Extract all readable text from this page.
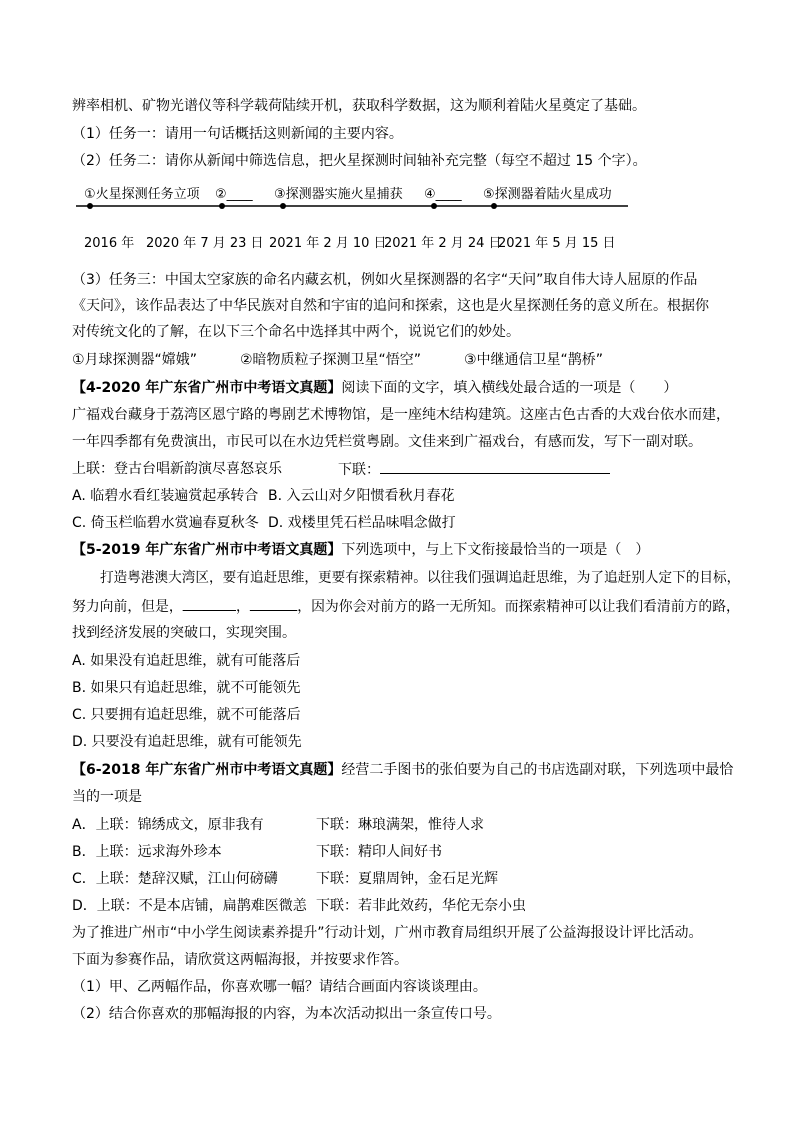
辨率相机、矿物光谱仪等科学载荷陆续开机，获取科学数据，这为顺利着陆火星奠定了基础。
（1）任务一：请用一句话概括这则新闻的主要内容。
（2）任务二：请你从新闻中筛选信息，把火星探测时间轴补充完整（每空不超过 15 个字）。
①火星探测任务立项 ②____ ③探测器实施火星捕获 ④____ ⑤探测器着陆火星成功
2016 年 2020 年 7 月 23 日 2021 年 2 月 10 日
2021 年 2 月 24 日
2021 年 5 月 15 日
（3）任务三：中国太空家族的命名内藏玄机，例如火星探测器的名字“天问”取自伟大诗人屈原的作品
《天问》，该作品表达了中华民族对自然和宇宙的追问和探索，这也是火星探测任务的意义所在。根据你
对传统文化的了解，在以下三个命名中选择其中两个，说说它们的妙处。
①月球探测器“嫦娥”	②暗物质粒子探测卫星“悟空”	③中继通信卫星“鹊桥”
【4-2020 年广东省广州市中考语文真题】阅读下面的文字，填入横线处最合适的一项是（　　）
广福戏台藏身于荔湾区恩宁路的粤剧艺术博物馆，是一座纯木结构建筑。这座古色古香的大戏台依水而建，
一年四季都有免费演出，市民可以在水边凭栏赏粤剧。文佳来到广福戏台，有感而发，写下一副对联。
上联：登古台唱新韵演尽喜怒哀乐	下联：
A. 临碧水看红装遍赏起承转合 B. 入云山对夕阳惯看秋月春花
C. 倚玉栏临碧水赏遍春夏秋冬 D. 戏楼里凭石栏品味唱念做打
【5-2019 年广东省广州市中考语文真题】下列选项中，与上下文衔接最恰当的一项是（　）
打造粤港澳大湾区，要有追赶思维，更要有探索精神。以往我们强调追赶思维，为了追赶别人定下的目标，
努力向前，但是，	，	，因为你会对前方的路一无所知。而探索精神可以让我们看清前方的路，
找到经济发展的突破口，实现突围。
A. 如果没有追赶思维，就有可能落后
B. 如果只有追赶思维，就不可能领先
C. 只要拥有追赶思维，就不可能落后
D. 只要没有追赶思维，就有可能领先
【6-2018 年广东省广州市中考语文真题】经营二手图书的张伯要为自己的书店选副对联，下列选项中最恰
当的一项是
A．上联：锦绣成文，原非我有	下联：琳琅满架，惟待人求
B．上联：远求海外珍本	下联：精印人间好书
C．上联：楚辞汉赋，江山何磅礴	下联：夏鼎周钟，金石足光辉
D．上联：不是本店铺，扁鹊难医微恙 下联：若非此效药，华佗无奈小虫
为了推进广州市“中小学生阅读素养提升”行动计划，广州市教育局组织开展了公益海报设计评比活动。
下面为参赛作品，请欣赏这两幅海报，并按要求作答。
（1）甲、乙两幅作品，你喜欢哪一幅？请结合画面内容谈谈理由。
（2）结合你喜欢的那幅海报的内容，为本次活动拟出一条宣传口号。
